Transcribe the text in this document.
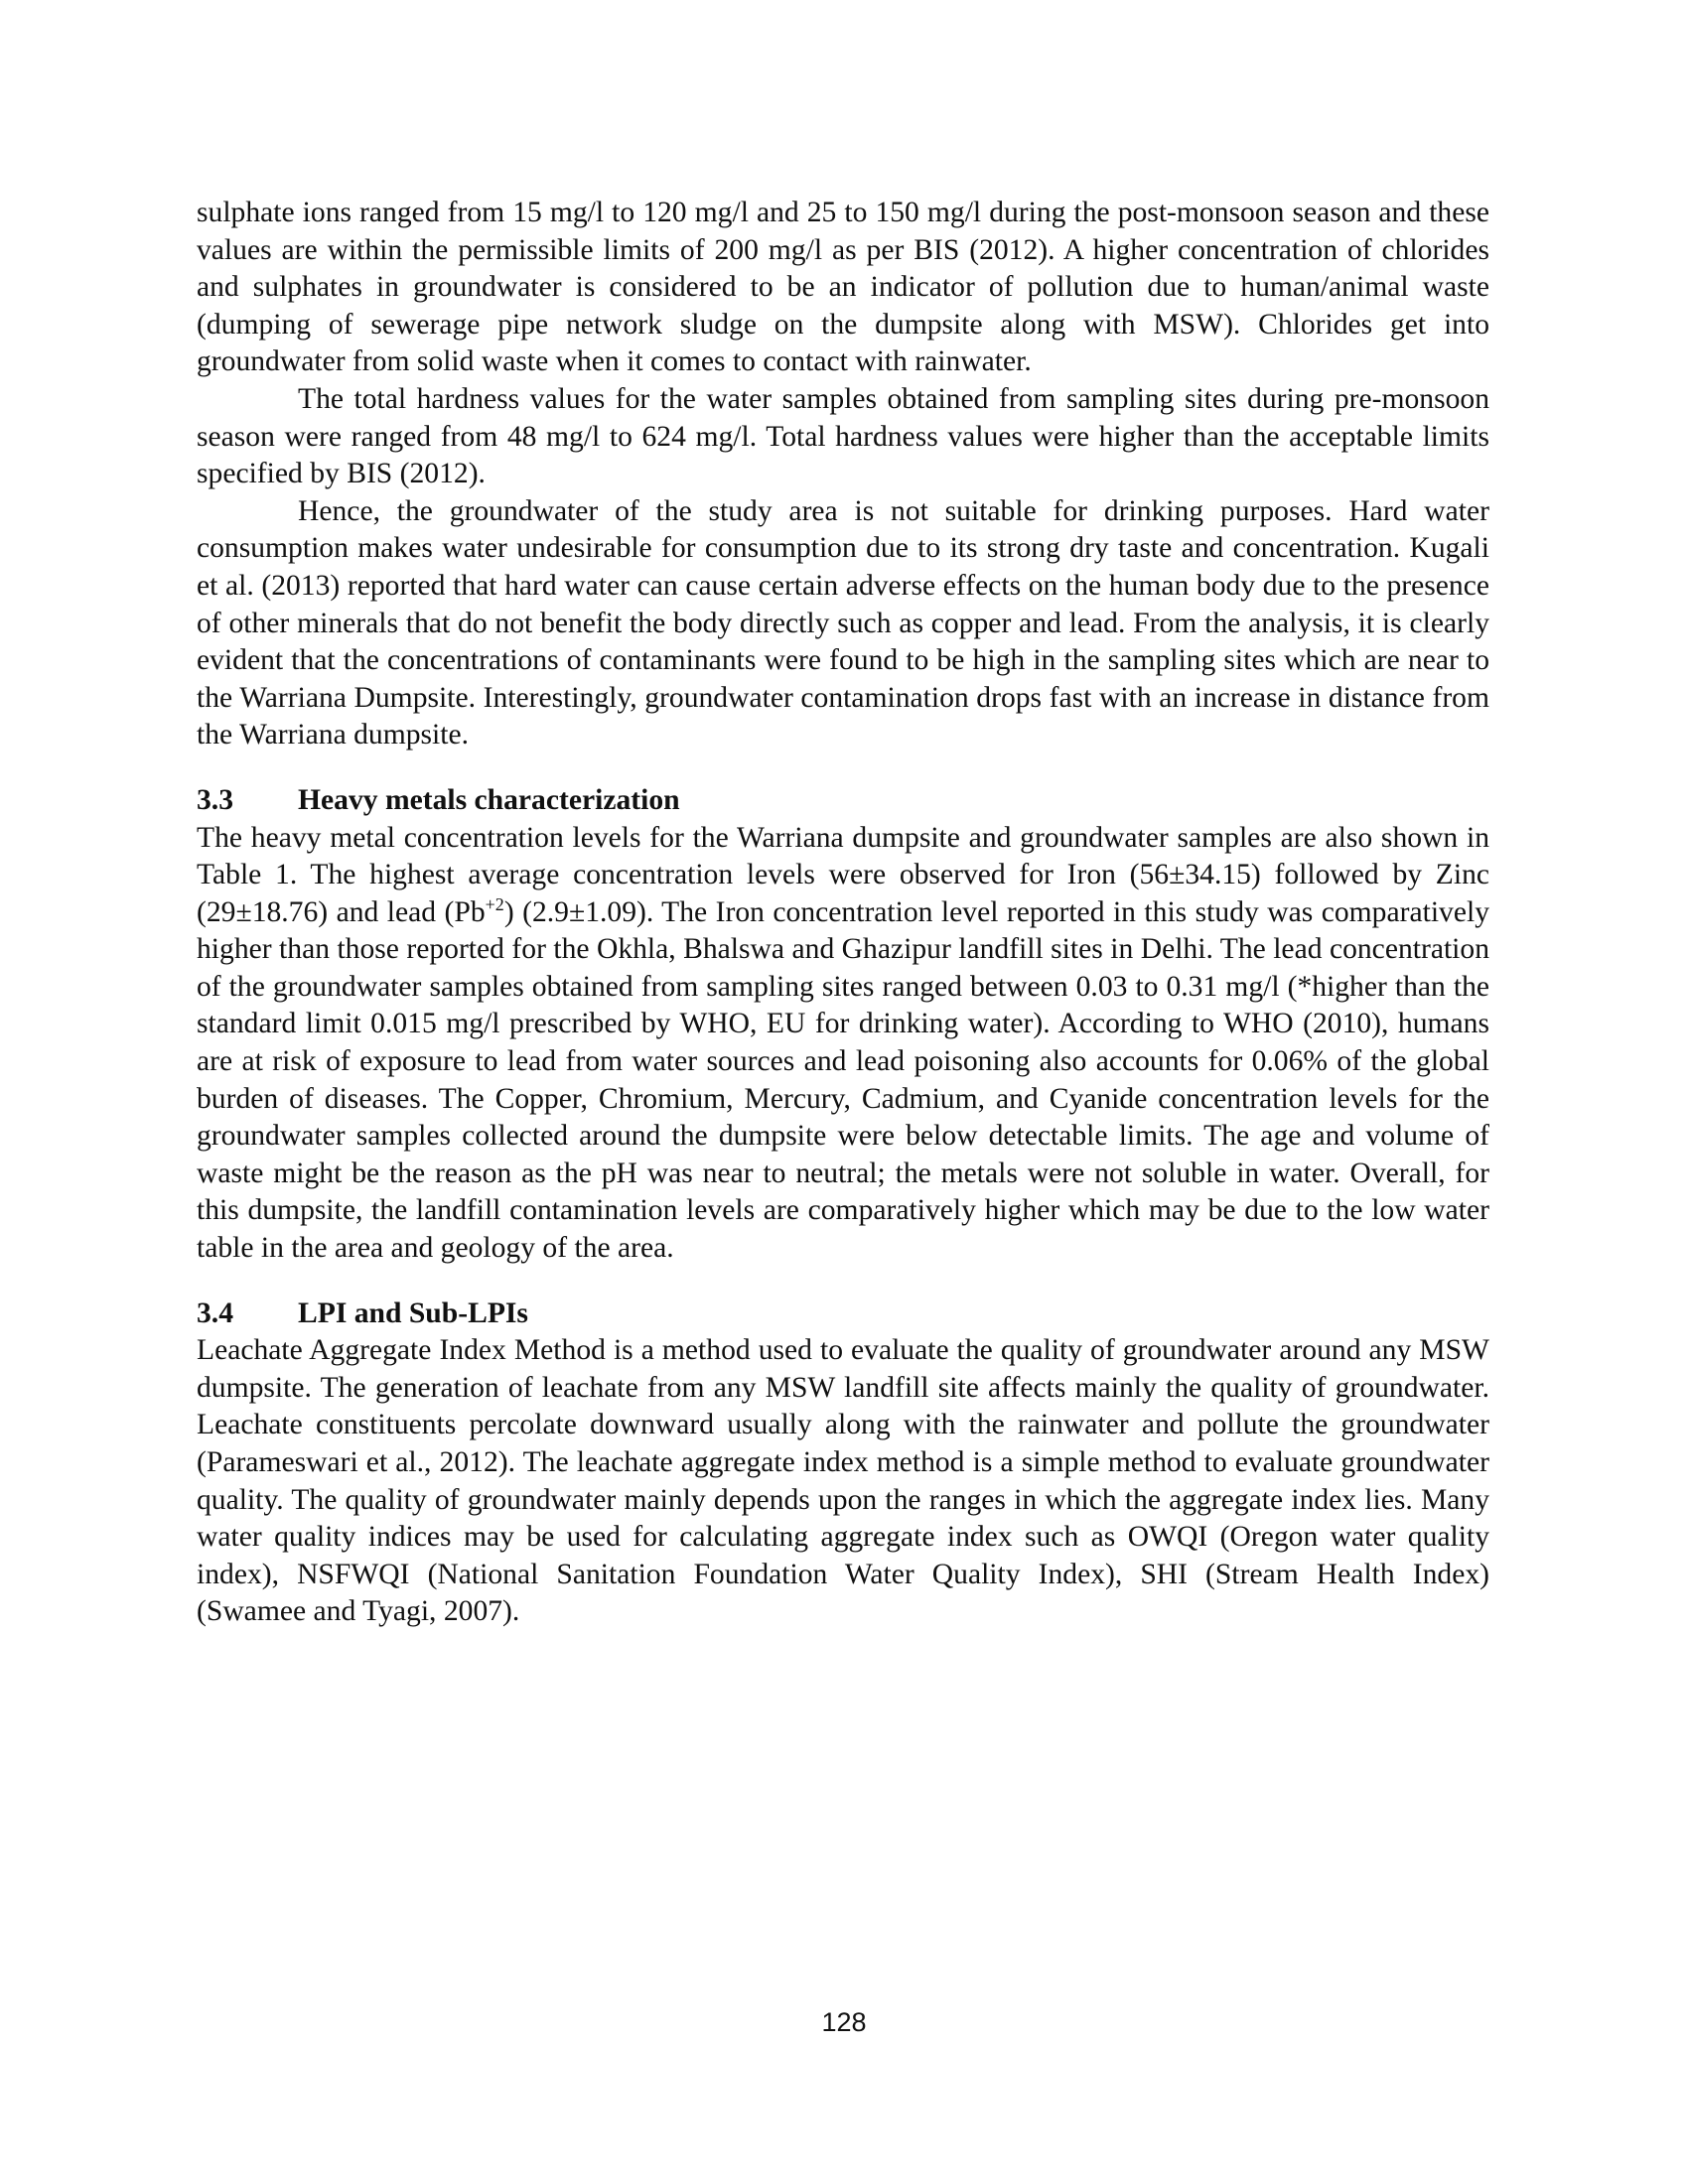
sulphate ions ranged from 15 mg/l to 120 mg/l and 25 to 150 mg/l during the post-monsoon season and these values are within the permissible limits of 200 mg/l as per BIS (2012). A higher concentration of chlorides and sulphates in groundwater is considered to be an indicator of pollution due to human/animal waste (dumping of sewerage pipe network sludge on the dumpsite along with MSW). Chlorides get into groundwater from solid waste when it comes to contact with rainwater.

The total hardness values for the water samples obtained from sampling sites during pre-monsoon season were ranged from 48 mg/l to 624 mg/l. Total hardness values were higher than the acceptable limits specified by BIS (2012).

Hence, the groundwater of the study area is not suitable for drinking purposes. Hard water consumption makes water undesirable for consumption due to its strong dry taste and concentration. Kugali et al. (2013) reported that hard water can cause certain adverse effects on the human body due to the presence of other minerals that do not benefit the body directly such as copper and lead. From the analysis, it is clearly evident that the concentrations of contaminants were found to be high in the sampling sites which are near to the Warriana Dumpsite. Interestingly, groundwater contamination drops fast with an increase in distance from the Warriana dumpsite.

3.3	Heavy metals characterization

The heavy metal concentration levels for the Warriana dumpsite and groundwater samples are also shown in Table 1. The highest average concentration levels were observed for Iron (56±34.15) followed by Zinc (29±18.76) and lead $(Pb^{+2})$ (2.9±1.09). The Iron concentration level reported in this study was comparatively higher than those reported for the Okhla, Bhalswa and Ghazipur landfill sites in Delhi. The lead concentration of the groundwater samples obtained from sampling sites ranged between 0.03 to 0.31 mg/l (*higher than the standard limit 0.015 mg/l prescribed by WHO, EU for drinking water). According to WHO (2010), humans are at risk of exposure to lead from water sources and lead poisoning also accounts for 0.06% of the global burden of diseases. The Copper, Chromium, Mercury, Cadmium, and Cyanide concentration levels for the groundwater samples collected around the dumpsite were below detectable limits. The age and volume of waste might be the reason as the pH was near to neutral; the metals were not soluble in water. Overall, for this dumpsite, the landfill contamination levels are comparatively higher which may be due to the low water table in the area and geology of the area.

3.4	LPI and Sub-LPIs

Leachate Aggregate Index Method is a method used to evaluate the quality of groundwater around any MSW dumpsite. The generation of leachate from any MSW landfill site affects mainly the quality of groundwater. Leachate constituents percolate downward usually along with the rainwater and pollute the groundwater (Parameswari et al., 2012). The leachate aggregate index method is a simple method to evaluate groundwater quality. The quality of groundwater mainly depends upon the ranges in which the aggregate index lies. Many water quality indices may be used for calculating aggregate index such as OWQI (Oregon water quality index), NSFWQI (National Sanitation Foundation Water Quality Index), SHI (Stream Health Index) (Swamee and Tyagi, 2007).

128
